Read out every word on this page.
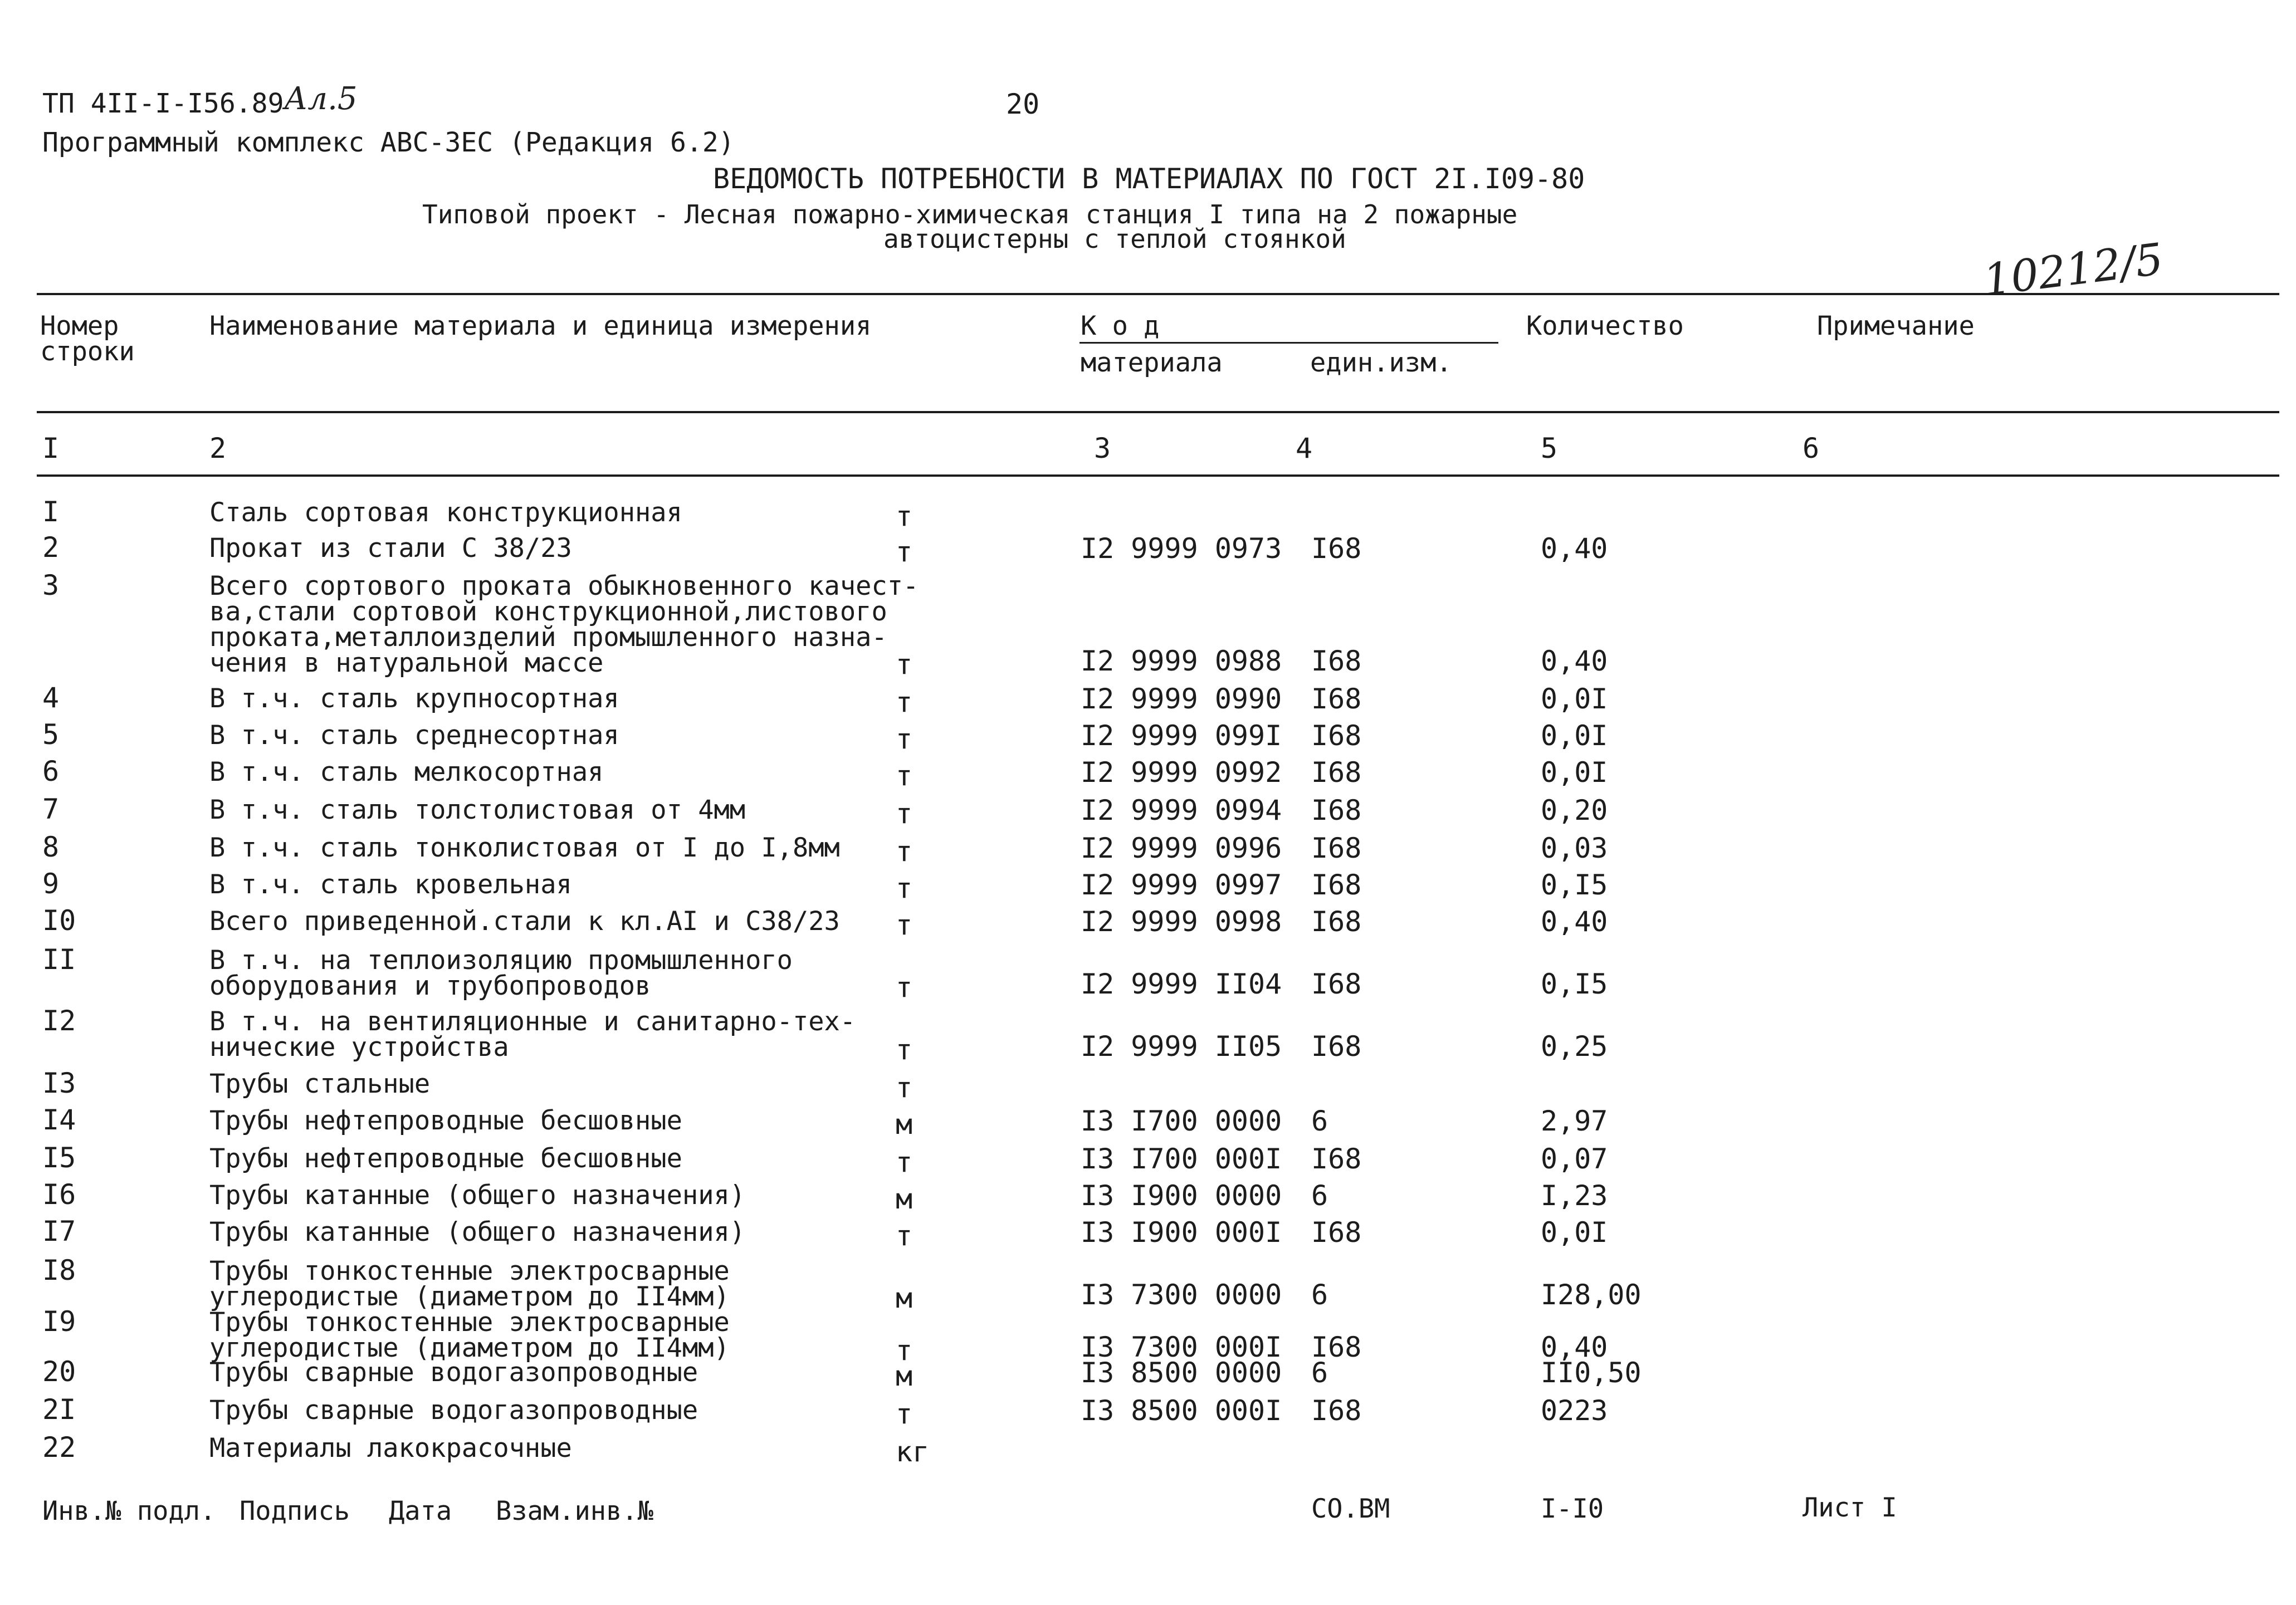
ТП 4II-I-I56.89 Ал.5	20
Программный комплекс АВС-ЗЕС (Редакция 6.2)
ВЕДОМОСТЬ ПОТРЕБНОСТИ В МАТЕРИАЛАХ ПО ГОСТ 2I.I09-80
Типовой проект - Лесная пожарно-химическая станция I типа на 2 пожарные
автоцистерны с теплой стоянкой	10212/5
Номер
строки
Наименование материала и единица измерения	К о д
материала	един.изм.
Количество	Примечание
I	2	3	4	5	6
I	Сталь сортовая конструкционная	т
2	Прокат из стали С 38/23	т	I2 9999 0973 I68	0,40
3	Всего сортового проката обыкновенного качест-
ва,стали сортовой конструкционной,листового
проката,металлоизделий промышленного назна-
чения в натуральной массе	т	I2 9999 0988 I68	0,40
4	В т.ч. сталь крупносортная	т	I2 9999 0990 I68	0,0I
5	В т.ч. сталь среднесортная	т	I2 9999 099I I68	0,0I
6	В т.ч. сталь мелкосортная	т	I2 9999 0992 I68	0,0I
7	В т.ч. сталь толстолистовая от 4мм	т	I2 9999 0994 I68	0,20
8	В т.ч. сталь тонколистовая от I до I,8мм т	I2 9999 0996 I68	0,03
9	В т.ч. сталь кровельная	т	I2 9999 0997 I68	0,I5
I0	Всего приведенной.стали к кл.АI и С38/23 т	I2 9999 0998 I68	0,40
II	В т.ч. на теплоизоляцию промышленного
оборудования и трубопроводов	т	I2 9999 II04 I68	0,I5
I2	В т.ч. на вентиляционные и санитарно-тех-
нические устройства	т	I2 9999 II05 I68	0,25
I3	Трубы стальные	т
I4	Трубы нефтепроводные бесшовные	м	I3 I700 0000 6	2,97
I5	Трубы нефтепроводные бесшовные	т	I3 I700 000I I68	0,07
I6	Трубы катанные (общего назначения)	м	I3 I900 0000 6	I,23
I7	Трубы катанные (общего назначения)	т	I3 I900 000I I68	0,0I
I8	Трубы тонкостенные электросварные
углеродистые (диаметром до II4мм)	м	I3 7300 0000 6	I28,00
I9	Трубы тонкостенные электросварные
углеродистые (диаметром до II4мм)	т	I3 7300 000I I68	0,40
20	Трубы сварные водогазопроводные	м	I3 8500 0000 6	II0,50
2I	Трубы сварные водогазопроводные	т	I3 8500 000I I68	0223
22	Материалы лакокрасочные	кг
Инв.№ подл. Подпись Дата Взам.инв.№	СО.ВМ	I-I0	Лист I
